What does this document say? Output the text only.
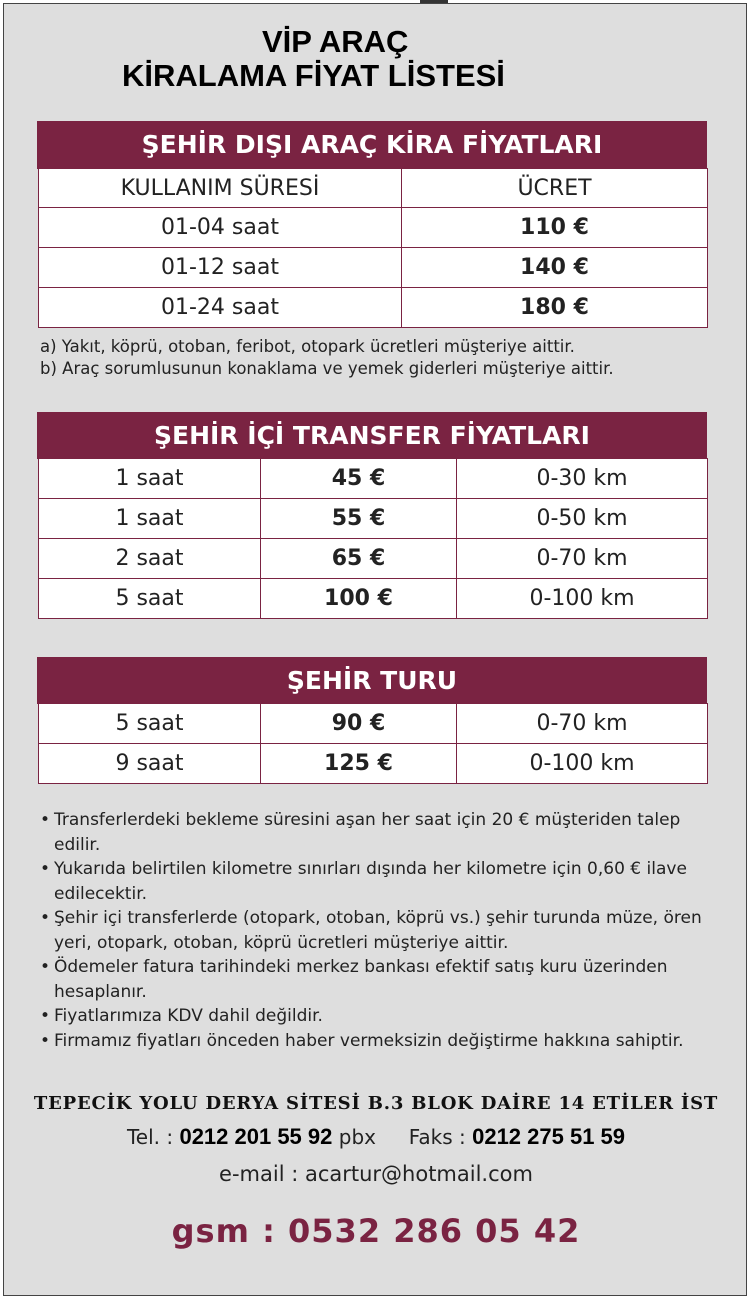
VİP ARAÇ
KİRALAMA FİYAT LİSTESİ
ŞEHİR DIŞI ARAÇ KİRA FİYATLARI
KULLANIM SÜRESİ	ÜCRET
01-04 saat	110 €
01-12 saat	140 €
01-24 saat	180 €
a) Yakıt, köprü, otoban, feribot, otopark ücretleri müşteriye aittir.
b) Araç sorumlusunun konaklama ve yemek giderleri müşteriye aittir.
ŞEHİR İÇİ TRANSFER FİYATLARI
1 saat	45 €	0-30 km
1 saat	55 €	0-50 km
2 saat	65 €	0-70 km
5 saat	100 €	0-100 km
ŞEHİR TURU
5 saat	90 €	0-70 km
9 saat	125 €	0-100 km
• Transferlerdeki bekleme süresini aşan her saat için 20 € müşteriden talep edilir.
• Yukarıda belirtilen kilometre sınırları dışında her kilometre için 0,60 € ilave edilecektir.
• Şehir içi transferlerde (otopark, otoban, köprü vs.) şehir turunda müze, ören yeri, otopark, otoban, köprü ücretleri müşteriye aittir.
• Ödemeler fatura tarihindeki merkez bankası efektif satış kuru üzerinden hesaplanır.
• Fiyatlarımıza KDV dahil değildir.
• Firmamız fiyatları önceden haber vermeksizin değiştirme hakkına sahiptir.
TEPECİK YOLU DERYA SİTESİ B.3 BLOK DAİRE 14 ETİLER İST
Tel. : 0212 201 55 92 pbx Faks : 0212 275 51 59
e-mail : acartur@hotmail.com
gsm : 0532 286 05 42
